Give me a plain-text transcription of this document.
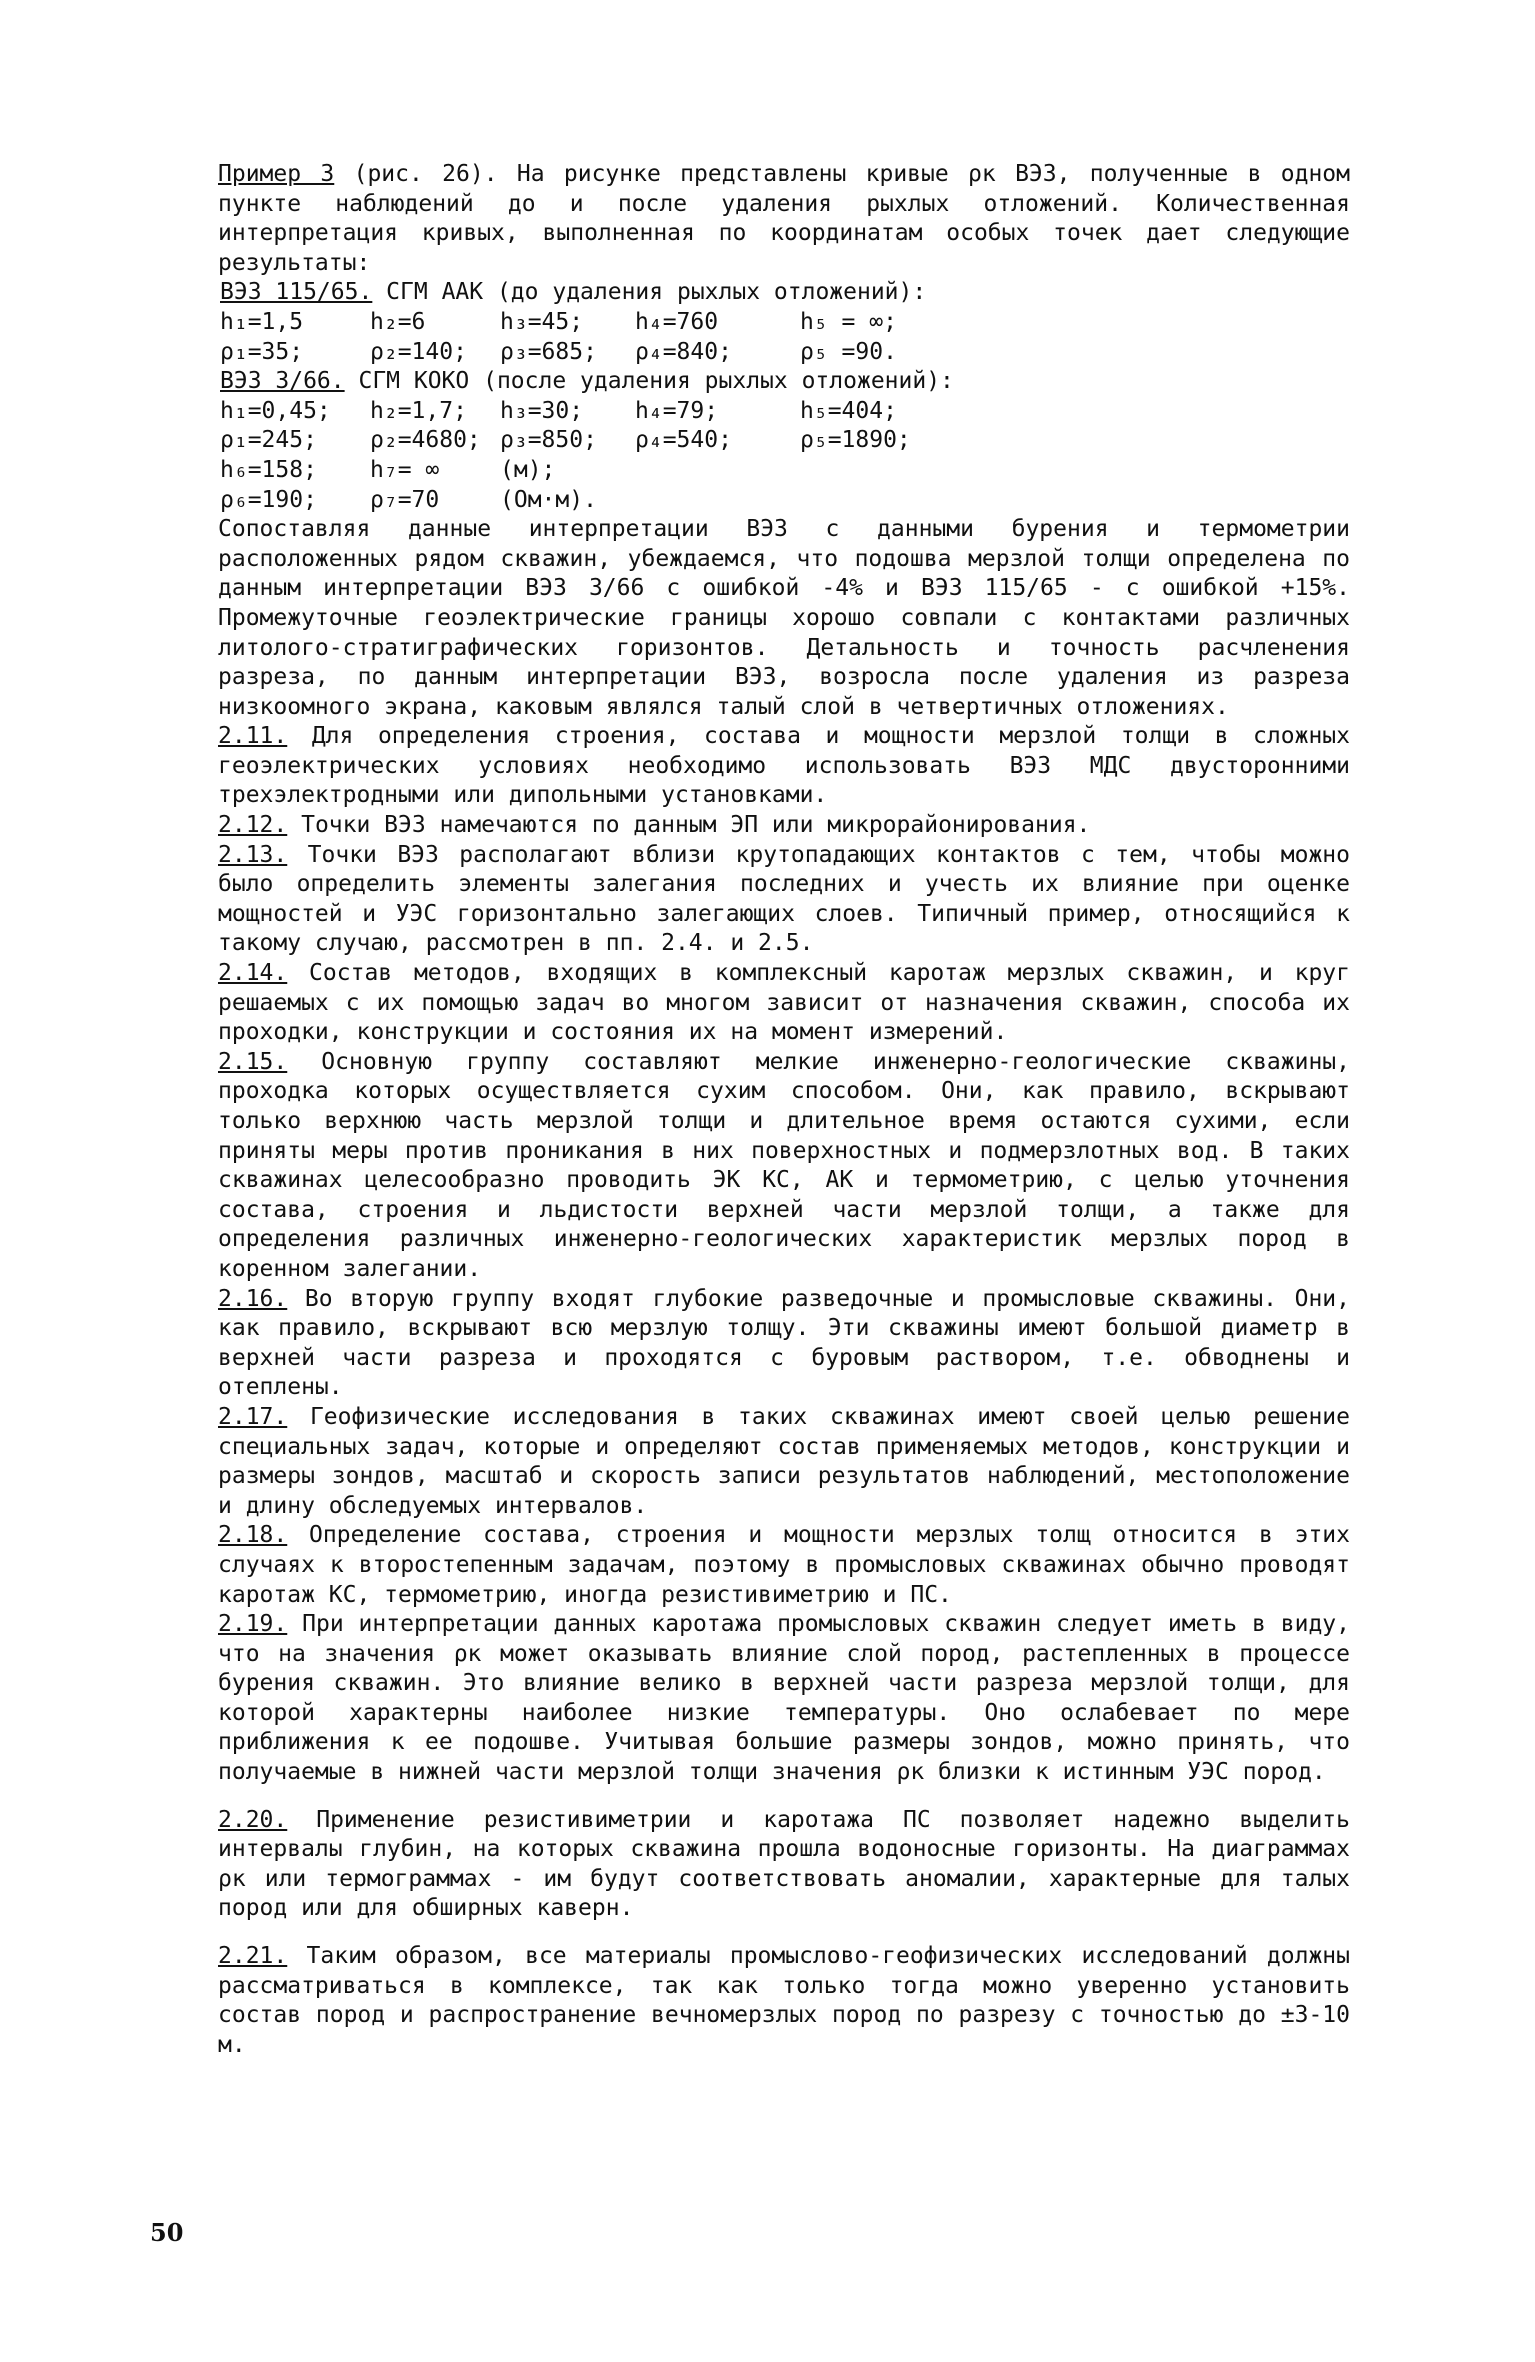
Пример 3 (рис. 26). На рисунке представлены кривые ρк ВЭЗ, полученные в одном пункте наблюдений до и после удаления рыхлых отложений. Количественная интерпретация кривых, выполненная по координатам особых точек дает следующие результаты:

ВЭЗ 115/65. СГМ ААК (до удаления рыхлых отложений):

h₁=1,5	h₂=6	h₃=45;	h₄=760	h₅ = ∞;
ρ₁=35;	ρ₂=140;	ρ₃=685;	ρ₄=840;	ρ₅ =90.

ВЭЗ 3/66. СГМ КОКО (после удаления рыхлых отложений):

h₁=0,45;	h₂=1,7;	h₃=30;	h₄=79;	h₅=404;
ρ₁=245;	ρ₂=4680; ρ₃=850;	ρ₄=540;	ρ₅=1890;
h₆=158;	h₇= ∞	(м);
ρ₆=190;	ρ₇=70	(Ом·м).

Сопоставляя данные интерпретации ВЭЗ с данными бурения и термометрии расположенных рядом скважин, убеждаемся, что подошва мерзлой толщи определена по данным интерпретации ВЭЗ 3/66 с ошибкой -4% и ВЭЗ 115/65 - с ошибкой +15%. Промежуточные геоэлектрические границы хорошо совпали с контактами различных литолого-стратиграфических горизонтов. Детальность и точность расчленения разреза, по данным интерпретации ВЭЗ, возросла после удаления из разреза низкоомного экрана, каковым являлся талый слой в четвертичных отложениях.

2.11. Для определения строения, состава и мощности мерзлой толщи в сложных геоэлектрических условиях необходимо использовать ВЭЗ МДС двусторонними трехэлектродными или дипольными установками.

2.12. Точки ВЭЗ намечаются по данным ЭП или микрорайонирования.

2.13. Точки ВЭЗ располагают вблизи крутопадающих контактов с тем, чтобы можно было определить элементы залегания последних и учесть их влияние при оценке мощностей и УЭС горизонтально залегающих слоев. Типичный пример, относящийся к такому случаю, рассмотрен в пп. 2.4. и 2.5.

2.14. Состав методов, входящих в комплексный каротаж мерзлых скважин, и круг решаемых с их помощью задач во многом зависит от назначения скважин, способа их проходки, конструкции и состояния их на момент измерений.

2.15. Основную группу составляют мелкие инженерно-геологические скважины, проходка которых осуществляется сухим способом. Они, как правило, вскрывают только верхнюю часть мерзлой толщи и длительное время остаются сухими, если приняты меры против проникания в них поверхностных и подмерзлотных вод. В таких скважинах целесообразно проводить ЭК КС, АК и термометрию, с целью уточнения состава, строения и льдистости верхней части мерзлой толщи, а также для определения различных инженерно-геологических характеристик мерзлых пород в коренном залегании.

2.16. Во вторую группу входят глубокие разведочные и промысловые скважины. Они, как правило, вскрывают всю мерзлую толщу. Эти скважины имеют большой диаметр в верхней части разреза и проходятся с буровым раствором, т.е. обводнены и отеплены.

2.17. Геофизические исследования в таких скважинах имеют своей целью решение специальных задач, которые и определяют состав применяемых методов, конструкции и размеры зондов, масштаб и скорость записи результатов наблюдений, местоположение и длину обследуемых интервалов.

2.18. Определение состава, строения и мощности мерзлых толщ относится в этих случаях к второстепенным задачам, поэтому в промысловых скважинах обычно проводят каротаж КС, термометрию, иногда резистивиметрию и ПС.

2.19. При интерпретации данных каротажа промысловых скважин следует иметь в виду, что на значения ρк может оказывать влияние слой пород, растепленных в процессе бурения скважин. Это влияние велико в верхней части разреза мерзлой толщи, для которой характерны наиболее низкие температуры. Оно ослабевает по мере приближения к ее подошве. Учитывая большие размеры зондов, можно принять, что получаемые в нижней части мерзлой толщи значения ρк близки к истинным УЭС пород.

2.20. Применение резистивиметрии и каротажа ПС позволяет надежно выделить интервалы глубин, на которых скважина прошла водоносные горизонты. На диаграммах ρк или термограммах - им будут соответствовать аномалии, характерные для талых пород или для обширных каверн.

2.21. Таким образом, все материалы промыслово-геофизических исследований должны рассматриваться в комплексе, так как только тогда можно уверенно установить состав пород и распространение вечномерзлых пород по разрезу с точностью до ±3-10 м.

50
